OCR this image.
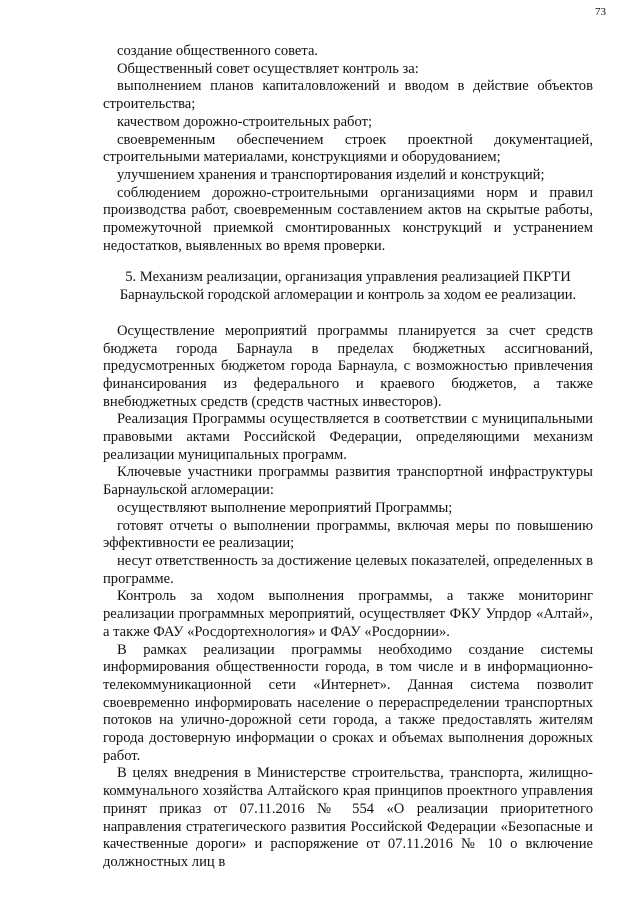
73

создание общественного совета.

Общественный совет осуществляет контроль за:

выполнением планов капиталовложений и вводом в действие объектов строительства;

качеством дорожно-строительных работ;

своевременным обеспечением строек проектной документацией, строительными материалами, конструкциями и оборудованием;

улучшением хранения и транспортирования изделий и конструкций;

соблюдением дорожно-строительными организациями норм и правил производства работ, своевременным составлением актов на скрытые работы, промежуточной приемкой смонтированных конструкций и устранением недостатков, выявленных во время проверки.

5. Механизм реализации, организация управления реализацией ПКРТИ
Барнаульской городской агломерации и контроль за ходом ее реализации.

Осуществление мероприятий программы планируется за счет средств бюджета города Барнаула в пределах бюджетных ассигнований, предусмотренных бюджетом города Барнаула, с возможностью привлечения финансирования из федерального и краевого бюджетов, а также внебюджетных средств (средств частных инвесторов).

Реализация Программы осуществляется в соответствии с муниципальными правовыми актами Российской Федерации, определяющими механизм реализации муниципальных программ.

Ключевые участники программы развития транспортной инфраструктуры Барнаульской агломерации:

осуществляют выполнение мероприятий Программы;

готовят отчеты о выполнении программы, включая меры по повышению эффективности ее реализации;

несут ответственность за достижение целевых показателей, определенных в программе.

Контроль за ходом выполнения программы, а также мониторинг реализации программных мероприятий, осуществляет ФКУ Упрдор «Алтай», а также ФАУ «Росдортехнология» и ФАУ «Росдорнии».

В рамках реализации программы необходимо создание системы информирования общественности города, в том числе и в информационно-телекоммуникационной сети «Интернет». Данная система позволит своевременно информировать население о перераспределении транспортных потоков на улично-дорожной сети города, а также предоставлять жителям города достоверную информации о сроках и объемах выполнения дорожных работ.

В целях внедрения в Министерстве строительства, транспорта, жилищно-коммунального хозяйства Алтайского края принципов проектного управления принят приказ от 07.11.2016 № 554 «О реализации приоритетного направления стратегического развития Российской Федерации «Безопасные и качественные дороги» и распоряжение от 07.11.2016 № 10 о включение должностных лиц в
